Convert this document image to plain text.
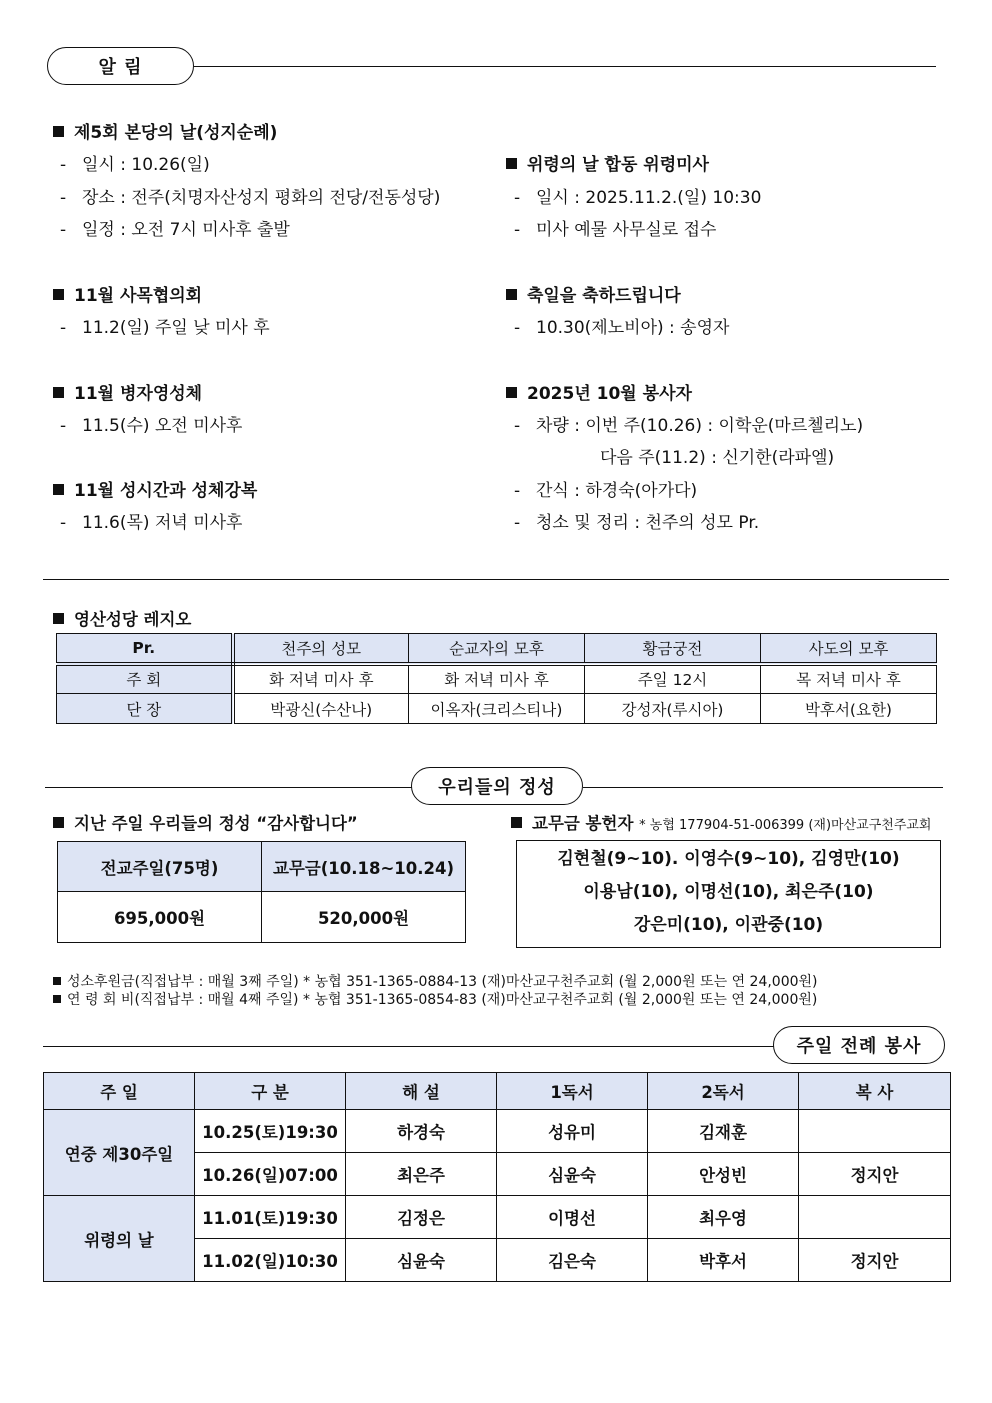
알 림
제5회 본당의 날(성지순례)
- 일시 : 10.26(일)
- 장소 : 전주(치명자산성지 평화의 전당/전동성당)
- 일정 : 오전 7시 미사후 출발
11월 사목협의회
- 11.2(일) 주일 낮 미사 후
11월 병자영성체
- 11.5(수) 오전 미사후
11월 성시간과 성체강복
- 11.6(목) 저녁 미사후
위령의 날 합동 위령미사
- 일시 : 2025.11.2.(일) 10:30
- 미사 예물 사무실로 접수
축일을 축하드립니다
- 10.30(제노비아) : 송영자
2025년 10월 봉사자
- 차량 : 이번 주(10.26) : 이학운(마르첼리노)
다음 주(11.2) : 신기한(라파엘)
- 간식 : 하경숙(아가다)
- 청소 및 정리 : 천주의 성모 Pr.
영산성당 레지오
Pr.	천주의 성모	순교자의 모후	황금궁전	사도의 모후
주 회	화 저녁 미사 후	화 저녁 미사 후	주일 12시	목 저녁 미사 후
단 장	박광신(수산나)	이옥자(크리스티나)	강성자(루시아)	박후서(요한)
우리들의 정성
지난 주일 우리들의 정성 “감사합니다”
전교주일(75명)	교무금(10.18~10.24)
695,000원	520,000원
교무금 봉헌자 * 농협 177904-51-006399 (재)마산교구천주교회
김현철(9~10). 이영수(9~10), 김영만(10)
이용남(10), 이명선(10), 최은주(10)
강은미(10), 이관중(10)
성소후원금(직접납부 : 매월 3째 주일) * 농협 351-1365-0884-13 (재)마산교구천주교회 (월 2,000원 또는 연 24,000원)
연 령 회 비(직접납부 : 매월 4째 주일) * 농협 351-1365-0854-83 (재)마산교구천주교회 (월 2,000원 또는 연 24,000원)
주일 전례 봉사
주 일	구 분	해 설	1독서	2독서	복 사
연중 제30주일	10.25(토)19:30	하경숙	성유미	김재훈	
	10.26(일)07:00	최은주	심윤숙	안성빈	정지안
위령의 날	11.01(토)19:30	김정은	이명선	최우영	
	11.02(일)10:30	심윤숙	김은숙	박후서	정지안
